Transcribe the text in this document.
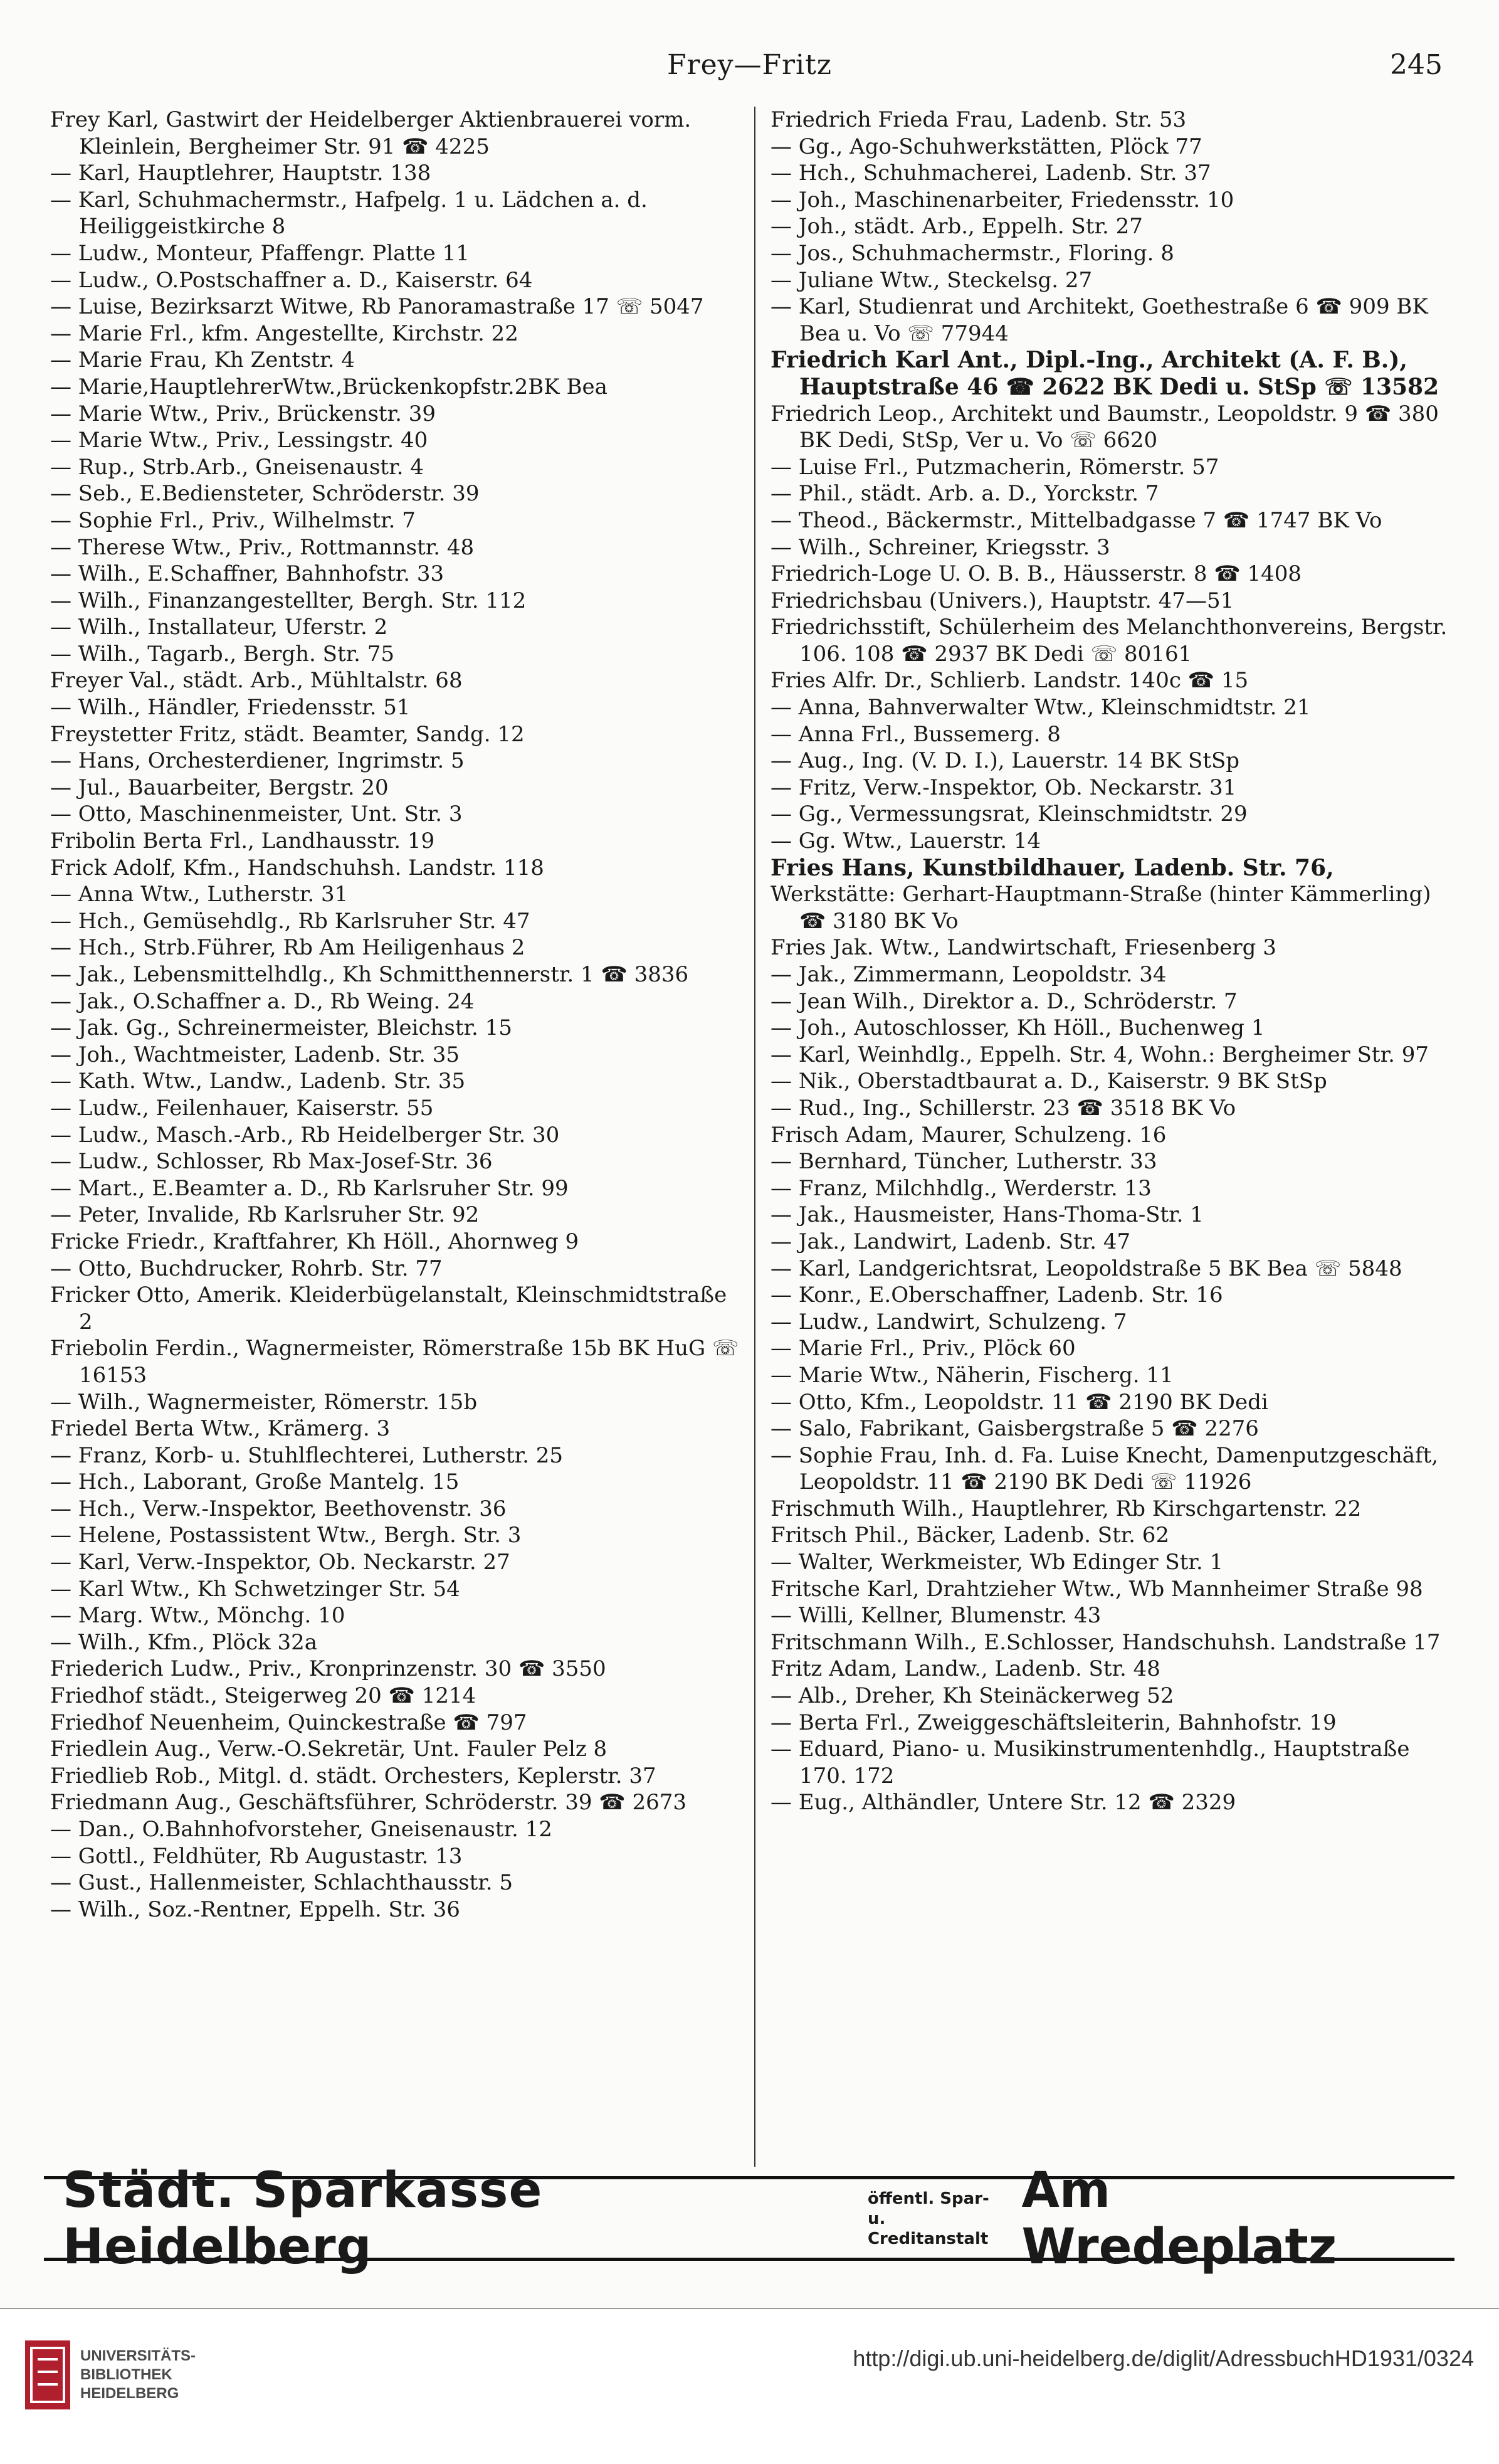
Frey—Fritz	245

Frey Karl, Gastwirt der Heidelberger Aktienbrauerei vorm. Kleinlein, Bergheimer Str. 91 ☎ 4225

— Karl, Hauptlehrer, Hauptstr. 138

— Karl, Schuhmachermstr., Hafpelg. 1 u. Lädchen a. d. Heiliggeistkirche 8

— Ludw., Monteur, Pfaffengr. Platte 11

— Ludw., O.Postschaffner a. D., Kaiserstr. 64

— Luise, Bezirksarzt Witwe, Rb Panoramastraße 17 ☏ 5047

— Marie Frl., kfm. Angestellte, Kirchstr. 22

— Marie Frau, Kh Zentstr. 4

— Marie,HauptlehrerWtw.,Brückenkopfstr.2BK Bea

— Marie Wtw., Priv., Brückenstr. 39

— Marie Wtw., Priv., Lessingstr. 40

— Rup., Strb.Arb., Gneisenaustr. 4

— Seb., E.Bediensteter, Schröderstr. 39

— Sophie Frl., Priv., Wilhelmstr. 7

— Therese Wtw., Priv., Rottmannstr. 48

— Wilh., E.Schaffner, Bahnhofstr. 33

— Wilh., Finanzangestellter, Bergh. Str. 112

— Wilh., Installateur, Uferstr. 2

— Wilh., Tagarb., Bergh. Str. 75

Freyer Val., städt. Arb., Mühltalstr. 68

— Wilh., Händler, Friedensstr. 51

Freystetter Fritz, städt. Beamter, Sandg. 12

— Hans, Orchesterdiener, Ingrimstr. 5

— Jul., Bauarbeiter, Bergstr. 20

— Otto, Maschinenmeister, Unt. Str. 3

Fribolin Berta Frl., Landhausstr. 19

Frick Adolf, Kfm., Handschuhsh. Landstr. 118

— Anna Wtw., Lutherstr. 31

— Hch., Gemüsehdlg., Rb Karlsruher Str. 47

— Hch., Strb.Führer, Rb Am Heiligenhaus 2

— Jak., Lebensmittelhdlg., Kh Schmitthennerstr. 1 ☎ 3836

— Jak., O.Schaffner a. D., Rb Weing. 24

— Jak. Gg., Schreinermeister, Bleichstr. 15

— Joh., Wachtmeister, Ladenb. Str. 35

— Kath. Wtw., Landw., Ladenb. Str. 35

— Ludw., Feilenhauer, Kaiserstr. 55

— Ludw., Masch.-Arb., Rb Heidelberger Str. 30

— Ludw., Schlosser, Rb Max-Josef-Str. 36

— Mart., E.Beamter a. D., Rb Karlsruher Str. 99

— Peter, Invalide, Rb Karlsruher Str. 92

Fricke Friedr., Kraftfahrer, Kh Höll., Ahornweg 9

— Otto, Buchdrucker, Rohrb. Str. 77

Fricker Otto, Amerik. Kleiderbügelanstalt, Kleinschmidtstraße 2

Friebolin Ferdin., Wagnermeister, Römerstraße 15b BK HuG ☏ 16153

— Wilh., Wagnermeister, Römerstr. 15b

Friedel Berta Wtw., Krämerg. 3

— Franz, Korb- u. Stuhlflechterei, Lutherstr. 25

— Hch., Laborant, Große Mantelg. 15

— Hch., Verw.-Inspektor, Beethovenstr. 36

— Helene, Postassistent Wtw., Bergh. Str. 3

— Karl, Verw.-Inspektor, Ob. Neckarstr. 27

— Karl Wtw., Kh Schwetzinger Str. 54

— Marg. Wtw., Mönchg. 10

— Wilh., Kfm., Plöck 32a

Friederich Ludw., Priv., Kronprinzenstr. 30 ☎ 3550

Friedhof städt., Steigerweg 20 ☎ 1214

Friedhof Neuenheim, Quinckestraße ☎ 797

Friedlein Aug., Verw.-O.Sekretär, Unt. Fauler Pelz 8

Friedlieb Rob., Mitgl. d. städt. Orchesters, Keplerstr. 37

Friedmann Aug., Geschäftsführer, Schröderstr. 39 ☎ 2673

— Dan., O.Bahnhofvorsteher, Gneisenaustr. 12

— Gottl., Feldhüter, Rb Augustastr. 13

— Gust., Hallenmeister, Schlachthausstr. 5

— Wilh., Soz.-Rentner, Eppelh. Str. 36

Friedrich Frieda Frau, Ladenb. Str. 53

— Gg., Ago-Schuhwerkstätten, Plöck 77

— Hch., Schuhmacherei, Ladenb. Str. 37

— Joh., Maschinenarbeiter, Friedensstr. 10

— Joh., städt. Arb., Eppelh. Str. 27

— Jos., Schuhmachermstr., Floring. 8

— Juliane Wtw., Steckelsg. 27

— Karl, Studienrat und Architekt, Goethestraße 6 ☎ 909 BK Bea u. Vo ☏ 77944

Friedrich Karl Ant., Dipl.-Ing., Architekt (A. F. B.), Hauptstraße 46 ☎ 2622 BK Dedi u. StSp ☏ 13582

Friedrich Leop., Architekt und Baumstr., Leopoldstr. 9 ☎ 380 BK Dedi, StSp, Ver u. Vo ☏ 6620

— Luise Frl., Putzmacherin, Römerstr. 57

— Phil., städt. Arb. a. D., Yorckstr. 7

— Theod., Bäckermstr., Mittelbadgasse 7 ☎ 1747 BK Vo

— Wilh., Schreiner, Kriegsstr. 3

Friedrich-Loge U. O. B. B., Häusserstr. 8 ☎ 1408

Friedrichsbau (Univers.), Hauptstr. 47—51

Friedrichsstift, Schülerheim des Melanchthonvereins, Bergstr. 106. 108 ☎ 2937 BK Dedi ☏ 80161

Fries Alfr. Dr., Schlierb. Landstr. 140c ☎ 15

— Anna, Bahnverwalter Wtw., Kleinschmidtstr. 21

— Anna Frl., Bussemerg. 8

— Aug., Ing. (V. D. I.), Lauerstr. 14 BK StSp

— Fritz, Verw.-Inspektor, Ob. Neckarstr. 31

— Gg., Vermessungsrat, Kleinschmidtstr. 29

— Gg. Wtw., Lauerstr. 14

Fries Hans, Kunstbildhauer, Ladenb. Str. 76,

Werkstätte: Gerhart-Hauptmann-Straße (hinter Kämmerling) ☎ 3180 BK Vo

Fries Jak. Wtw., Landwirtschaft, Friesenberg 3

— Jak., Zimmermann, Leopoldstr. 34

— Jean Wilh., Direktor a. D., Schröderstr. 7

— Joh., Autoschlosser, Kh Höll., Buchenweg 1

— Karl, Weinhdlg., Eppelh. Str. 4, Wohn.: Bergheimer Str. 97

— Nik., Oberstadtbaurat a. D., Kaiserstr. 9 BK StSp

— Rud., Ing., Schillerstr. 23 ☎ 3518 BK Vo

Frisch Adam, Maurer, Schulzeng. 16

— Bernhard, Tüncher, Lutherstr. 33

— Franz, Milchhdlg., Werderstr. 13

— Jak., Hausmeister, Hans-Thoma-Str. 1

— Jak., Landwirt, Ladenb. Str. 47

— Karl, Landgerichtsrat, Leopoldstraße 5 BK Bea ☏ 5848

— Konr., E.Oberschaffner, Ladenb. Str. 16

— Ludw., Landwirt, Schulzeng. 7

— Marie Frl., Priv., Plöck 60

— Marie Wtw., Näherin, Fischerg. 11

— Otto, Kfm., Leopoldstr. 11 ☎ 2190 BK Dedi

— Salo, Fabrikant, Gaisbergstraße 5 ☎ 2276

— Sophie Frau, Inh. d. Fa. Luise Knecht, Damenputzgeschäft, Leopoldstr. 11 ☎ 2190 BK Dedi ☏ 11926

Frischmuth Wilh., Hauptlehrer, Rb Kirschgartenstr. 22

Fritsch Phil., Bäcker, Ladenb. Str. 62

— Walter, Werkmeister, Wb Edinger Str. 1

Fritsche Karl, Drahtzieher Wtw., Wb Mannheimer Straße 98

— Willi, Kellner, Blumenstr. 43

Fritschmann Wilh., E.Schlosser, Handschuhsh. Landstraße 17

Fritz Adam, Landw., Ladenb. Str. 48

— Alb., Dreher, Kh Steinäckerweg 52

— Berta Frl., Zweiggeschäftsleiterin, Bahnhofstr. 19

— Eduard, Piano- u. Musikinstrumentenhdlg., Hauptstraße 170. 172

— Eug., Althändler, Untere Str. 12 ☎ 2329

Städt. Sparkasse Heidelberg
öffentl. Spar- u.
Creditanstalt
Am Wredeplatz
UNIVERSITÄTS-
BIBLIOTHEK
HEIDELBERG
http://digi.ub.uni-heidelberg.de/diglit/AdressbuchHD1931/0324
